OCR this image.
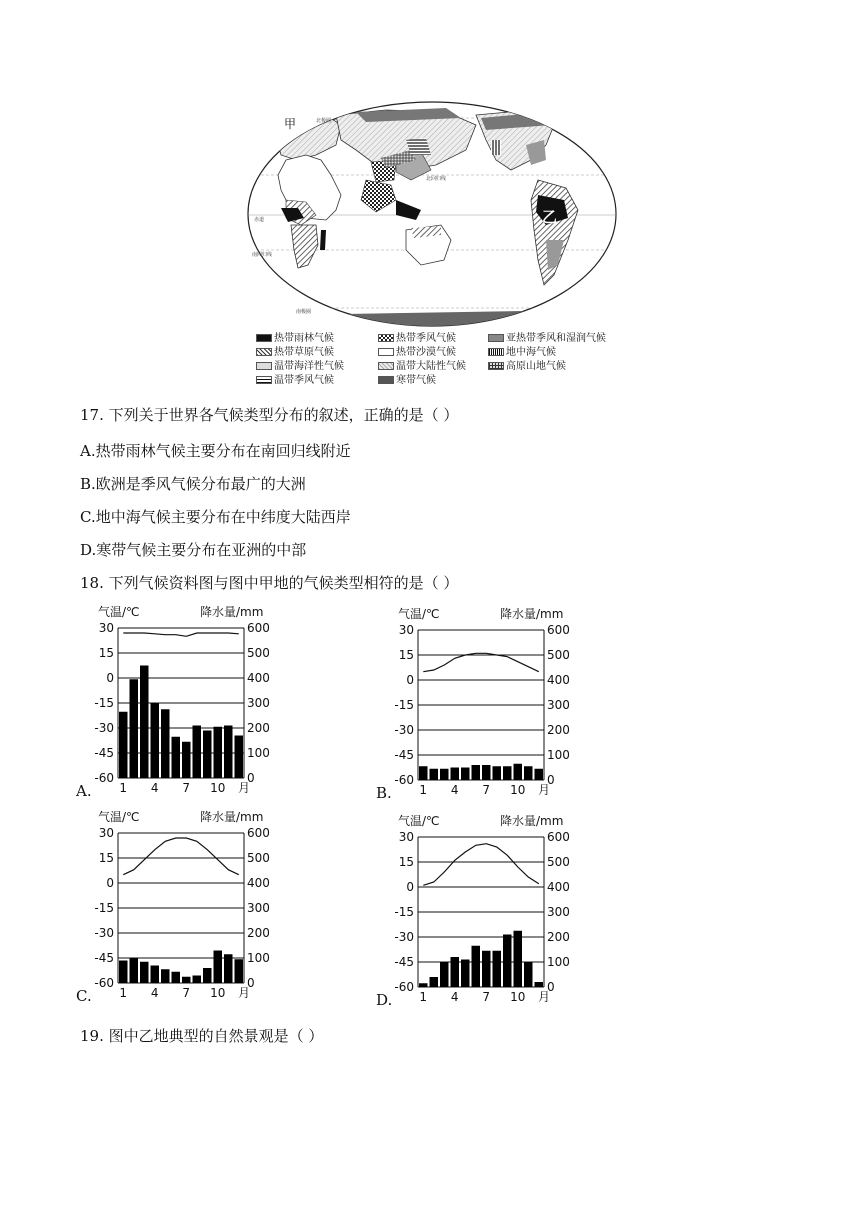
甲
乙
赤道
北回归线
南回归线
北极圈
南极圈
热带雨林气候	热带季风气候	亚热带季风和湿润气候
热带草原气候	热带沙漠气候	地中海气候
温带海洋性气候	温带大陆性气候	高原山地气候
温带季风气候	寒带气候
17. 下列关于世界各气候类型分布的叙述，正确的是（ ）
A.热带雨林气候主要分布在南回归线附近
B.欧洲是季风气候分布最广的大洲
C.地中海气候主要分布在中纬度大陆西岸
D.寒带气候主要分布在亚洲的中部
18. 下列气候资料图与图中甲地的气候类型相符的是（ ）
气温/℃	降水量/mm
30
15
0
-15
-30
-45
-60
600
500
400
300
200
100
0
1 4 7 10 月
A.
气温/℃	降水量/mm
30
15
0
-15
-30
-45
-60
600
500
400
300
200
100
0
1 4 7 10 月
B.
气温/℃	降水量/mm
30
15
0
-15
-30
-45
-60
600
500
400
300
200
100
0
1 4 7 10 月
C.
气温/℃	降水量/mm
30
15
0
-15
-30
-45
-60
600
500
400
300
200
100
0
1 4 7 10 月
D.
19. 图中乙地典型的自然景观是（ ）
